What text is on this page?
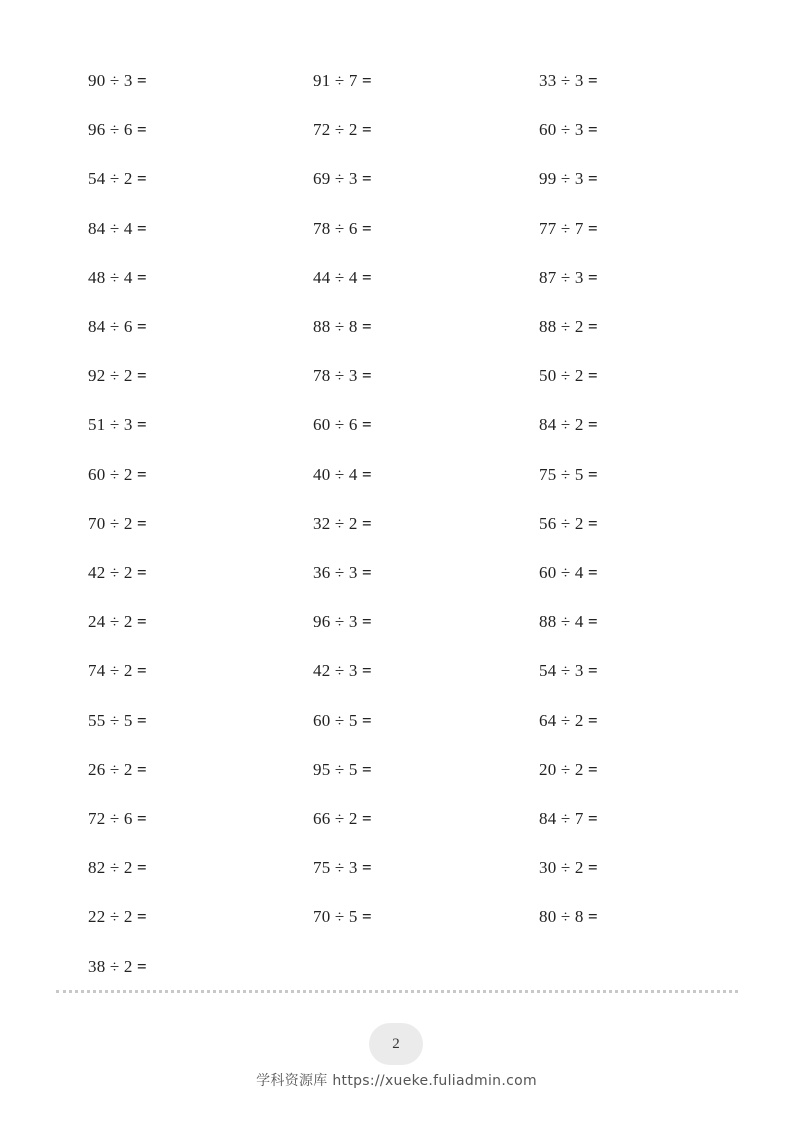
90 ÷ 3 =
96 ÷ 6 =
54 ÷ 2 =
84 ÷ 4 =
48 ÷ 4 =
84 ÷ 6 =
92 ÷ 2 =
51 ÷ 3 =
60 ÷ 2 =
70 ÷ 2 =
42 ÷ 2 =
24 ÷ 2 =
74 ÷ 2 =
55 ÷ 5 =
26 ÷ 2 =
72 ÷ 6 =
82 ÷ 2 =
22 ÷ 2 =
38 ÷ 2 =
91 ÷ 7 =
72 ÷ 2 =
69 ÷ 3 =
78 ÷ 6 =
44 ÷ 4 =
88 ÷ 8 =
78 ÷ 3 =
60 ÷ 6 =
40 ÷ 4 =
32 ÷ 2 =
36 ÷ 3 =
96 ÷ 3 =
42 ÷ 3 =
60 ÷ 5 =
95 ÷ 5 =
66 ÷ 2 =
75 ÷ 3 =
70 ÷ 5 =
33 ÷ 3 =
60 ÷ 3 =
99 ÷ 3 =
77 ÷ 7 =
87 ÷ 3 =
88 ÷ 2 =
50 ÷ 2 =
84 ÷ 2 =
75 ÷ 5 =
56 ÷ 2 =
60 ÷ 4 =
88 ÷ 4 =
54 ÷ 3 =
64 ÷ 2 =
20 ÷ 2 =
84 ÷ 7 =
30 ÷ 2 =
80 ÷ 8 =
2
学科资源库 https://xueke.fuliadmin.com
